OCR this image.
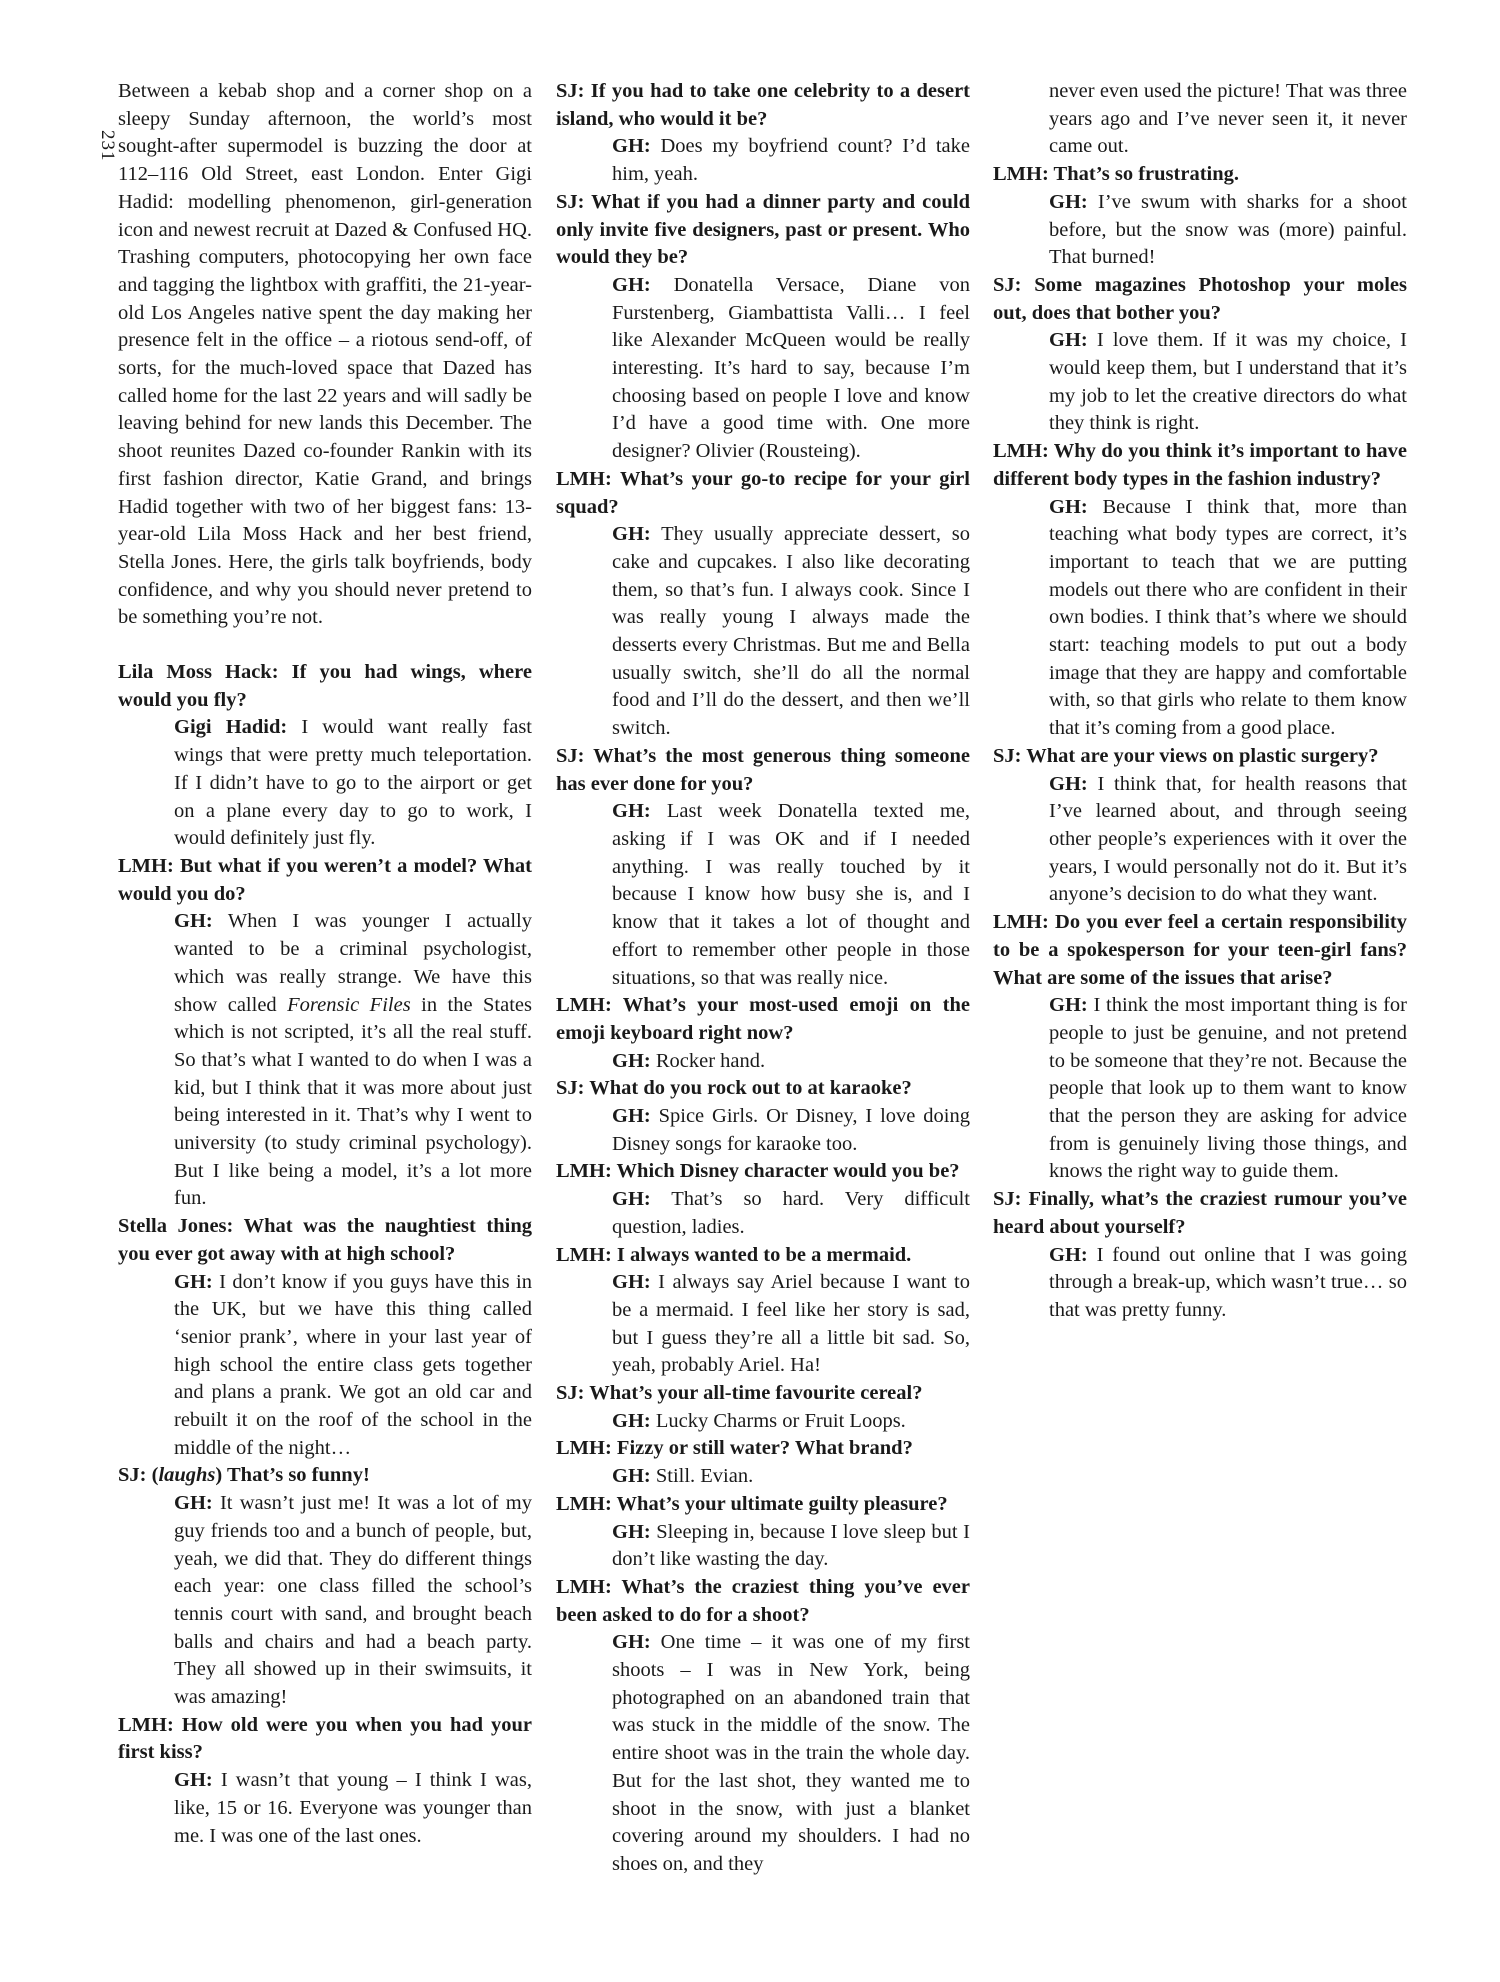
231

Between a kebab shop and a corner shop on a sleepy Sunday afternoon, the world’s most sought-after supermodel is buzzing the door at 112–116 Old Street, east London. Enter Gigi Hadid: modelling phenomenon, girl-generation icon and newest recruit at Dazed & Confused HQ. Trashing computers, photocopying her own face and tagging the lightbox with graffiti, the 21-year-old Los Angeles native spent the day making her presence felt in the office – a riotous send-off, of sorts, for the much-loved space that Dazed has called home for the last 22 years and will sadly be leaving behind for new lands this December. The shoot reunites Dazed co-founder Rankin with its first fashion director, Katie Grand, and brings Hadid together with two of her biggest fans: 13-year-old Lila Moss Hack and her best friend, Stella Jones. Here, the girls talk boyfriends, body confidence, and why you should never pretend to be something you’re not.

Lila Moss Hack: If you had wings, where would you fly?

Gigi Hadid: I would want really fast wings that were pretty much teleportation. If I didn’t have to go to the airport or get on a plane every day to go to work, I would definitely just fly.

LMH: But what if you weren’t a model? What would you do?

GH: When I was younger I actually wanted to be a criminal psychologist, which was really strange. We have this show called Forensic Files in the States which is not scripted, it’s all the real stuff. So that’s what I wanted to do when I was a kid, but I think that it was more about just being interested in it. That’s why I went to university (to study criminal psychology). But I like being a model, it’s a lot more fun.

Stella Jones: What was the naughtiest thing you ever got away with at high school?

GH: I don’t know if you guys have this in the UK, but we have this thing called ‘senior prank’, where in your last year of high school the entire class gets together and plans a prank. We got an old car and rebuilt it on the roof of the school in the middle of the night…

SJ: (laughs) That’s so funny!

GH: It wasn’t just me! It was a lot of my guy friends too and a bunch of people, but, yeah, we did that. They do different things each year: one class filled the school’s tennis court with sand, and brought beach balls and chairs and had a beach party. They all showed up in their swimsuits, it was amazing!

LMH: How old were you when you had your first kiss?

GH: I wasn’t that young – I think I was, like, 15 or 16. Everyone was younger than me. I was one of the last ones.

SJ: If you had to take one celebrity to a desert island, who would it be?

GH: Does my boyfriend count? I’d take him, yeah.

SJ: What if you had a dinner party and could only invite five designers, past or present. Who would they be?

GH: Donatella Versace, Diane von Furstenberg, Giambattista Valli… I feel like Alexander McQueen would be really interesting. It’s hard to say, because I’m choosing based on people I love and know I’d have a good time with. One more designer? Olivier (Rousteing).

LMH: What’s your go-to recipe for your girl squad?

GH: They usually appreciate dessert, so cake and cupcakes. I also like decorating them, so that’s fun. I always cook. Since I was really young I always made the desserts every Christmas. But me and Bella usually switch, she’ll do all the normal food and I’ll do the dessert, and then we’ll switch.

SJ: What’s the most generous thing someone has ever done for you?

GH: Last week Donatella texted me, asking if I was OK and if I needed anything. I was really touched by it because I know how busy she is, and I know that it takes a lot of thought and effort to remember other people in those situations, so that was really nice.

LMH: What’s your most-used emoji on the emoji keyboard right now?

GH: Rocker hand.

SJ: What do you rock out to at karaoke?

GH: Spice Girls. Or Disney, I love doing Disney songs for karaoke too.

LMH: Which Disney character would you be?

GH: That’s so hard. Very difficult question, ladies.

LMH: I always wanted to be a mermaid.

GH: I always say Ariel because I want to be a mermaid. I feel like her story is sad, but I guess they’re all a little bit sad. So, yeah, probably Ariel. Ha!

SJ: What’s your all-time favourite cereal?

GH: Lucky Charms or Fruit Loops.

LMH: Fizzy or still water? What brand?

GH: Still. Evian.

LMH: What’s your ultimate guilty pleasure?

GH: Sleeping in, because I love sleep but I don’t like wasting the day.

LMH: What’s the craziest thing you’ve ever been asked to do for a shoot?

GH: One time – it was one of my first shoots – I was in New York, being photographed on an abandoned train that was stuck in the middle of the snow. The entire shoot was in the train the whole day. But for the last shot, they wanted me to shoot in the snow, with just a blanket covering around my shoulders. I had no shoes on, and they

never even used the picture! That was three years ago and I’ve never seen it, it never came out.

LMH: That’s so frustrating.

GH: I’ve swum with sharks for a shoot before, but the snow was (more) painful. That burned!

SJ: Some magazines Photoshop your moles out, does that bother you?

GH: I love them. If it was my choice, I would keep them, but I understand that it’s my job to let the creative directors do what they think is right.

LMH: Why do you think it’s important to have different body types in the fashion industry?

GH: Because I think that, more than teaching what body types are correct, it’s important to teach that we are putting models out there who are confident in their own bodies. I think that’s where we should start: teaching models to put out a body image that they are happy and comfortable with, so that girls who relate to them know that it’s coming from a good place.

SJ: What are your views on plastic surgery?

GH: I think that, for health reasons that I’ve learned about, and through seeing other people’s experiences with it over the years, I would personally not do it. But it’s anyone’s decision to do what they want.

LMH: Do you ever feel a certain responsibility to be a spokesperson for your teen-girl fans? What are some of the issues that arise?

GH: I think the most important thing is for people to just be genuine, and not pretend to be someone that they’re not. Because the people that look up to them want to know that the person they are asking for advice from is genuinely living those things, and knows the right way to guide them.

SJ: Finally, what’s the craziest rumour you’ve heard about yourself?

GH: I found out online that I was going through a break-up, which wasn’t true… so that was pretty funny.
